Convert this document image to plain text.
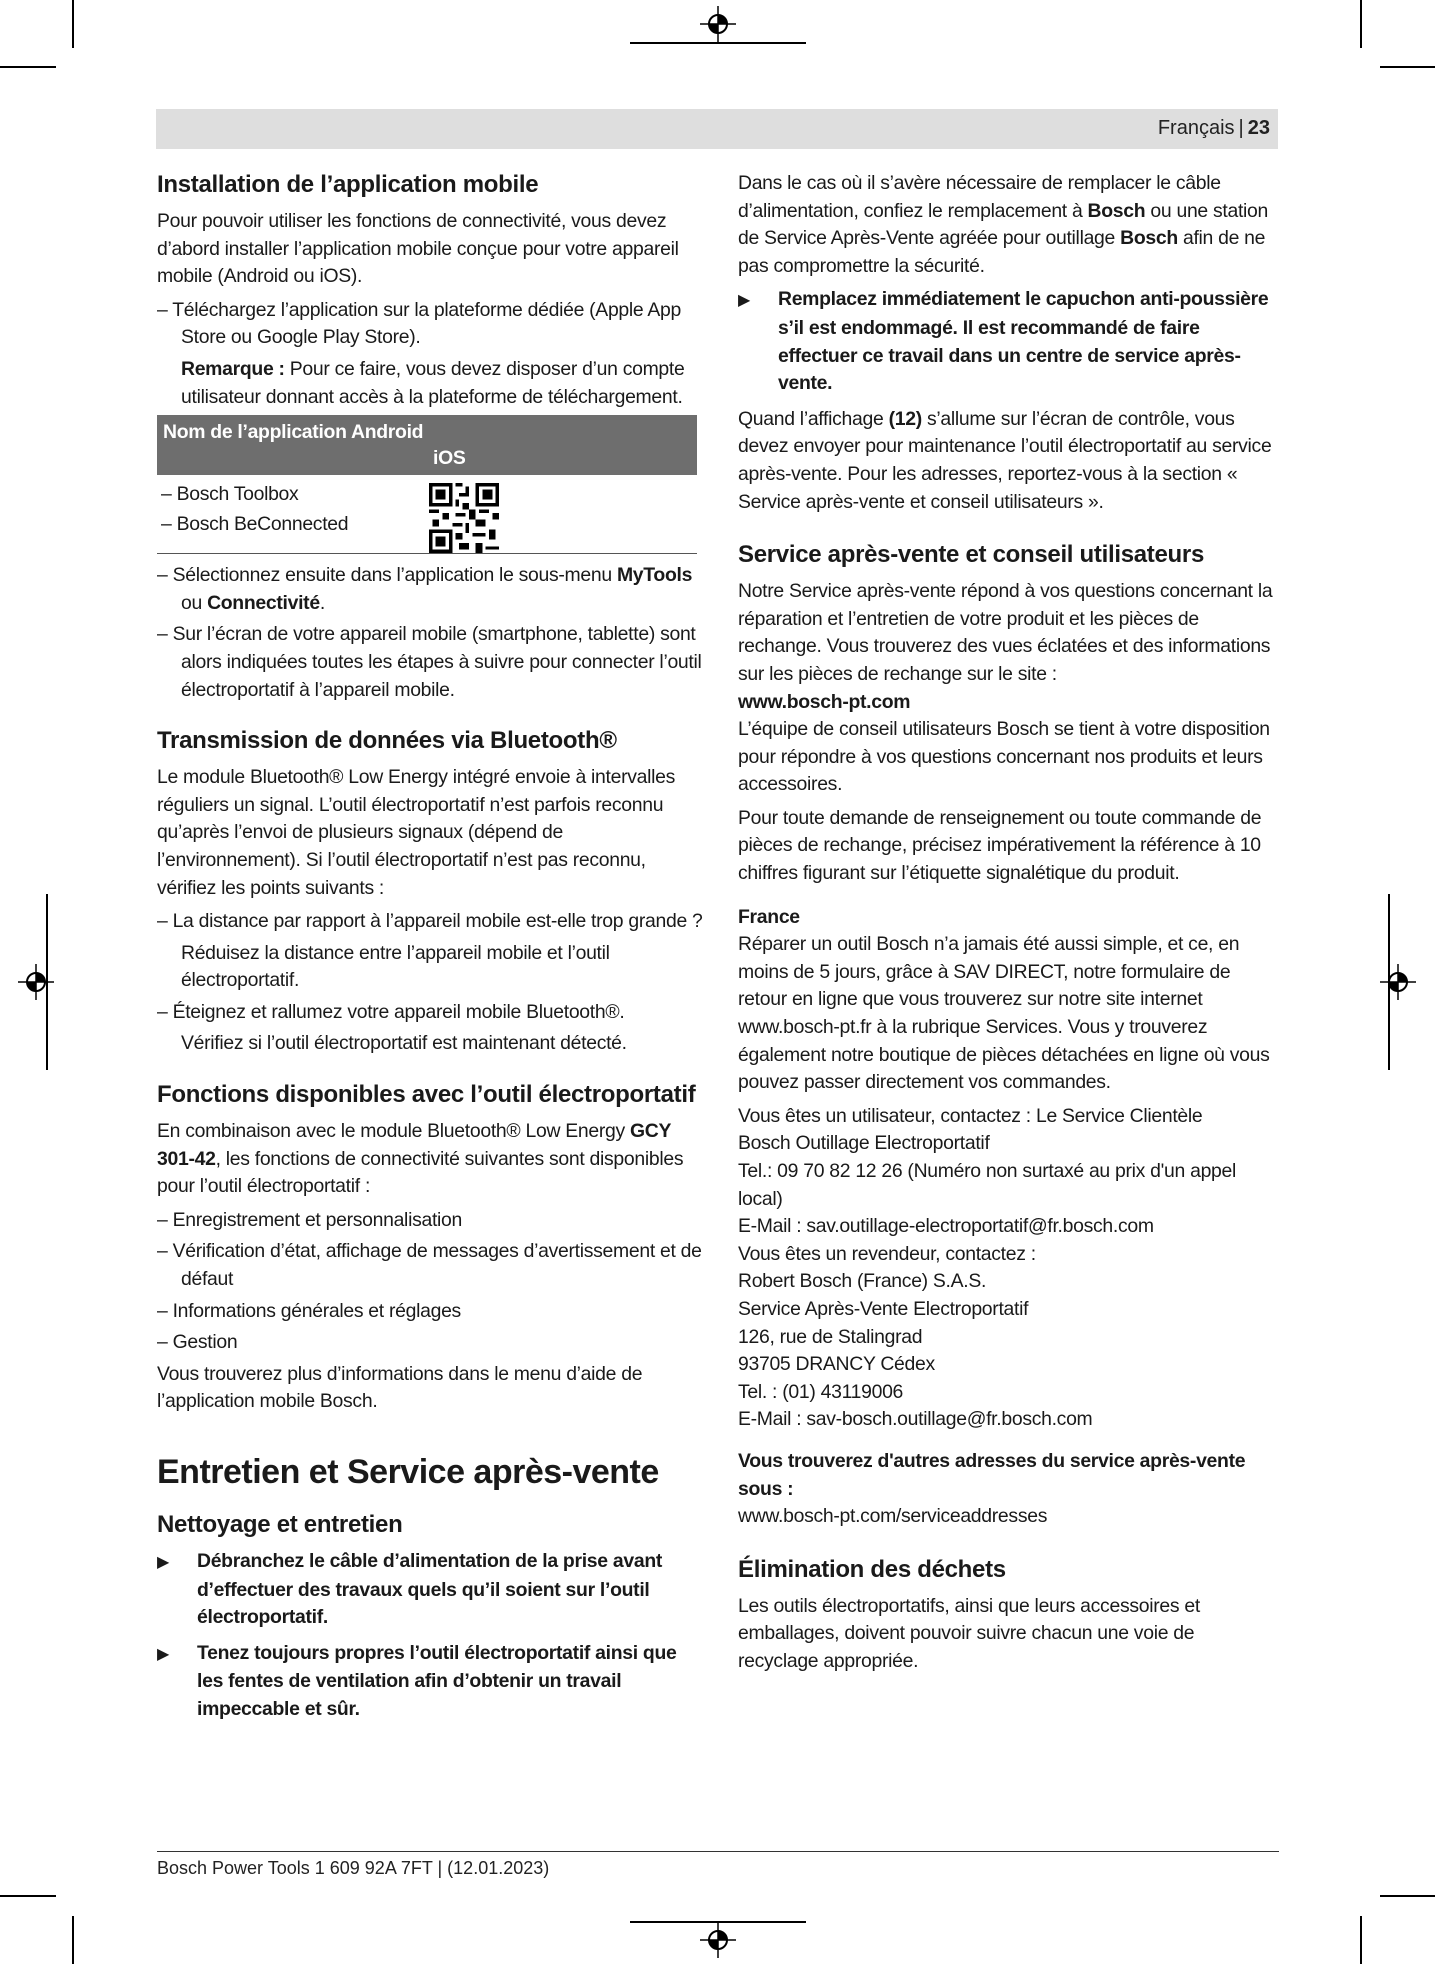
Français | 23
Installation de l’application mobile

Pour pouvoir utiliser les fonctions de connectivité, vous devez d’abord installer l’application mobile conçue pour votre appareil mobile (Android ou iOS).

– Téléchargez l’application sur la plateforme dédiée (Apple App Store ou Google Play Store).

Remarque : Pour ce faire, vous devez disposer d’un compte utilisateur donnant accès à la plateforme de téléchargement.

Nom de l’application Android
iOS
– Bosch Toolbox
– Bosch BeConnected

– Sélectionnez ensuite dans l’application le sous-menu MyTools ou Connectivité.

– Sur l’écran de votre appareil mobile (smartphone, tablette) sont alors indiquées toutes les étapes à suivre pour connecter l’outil électroportatif à l’appareil mobile.

Transmission de données via Bluetooth®

Le module Bluetooth® Low Energy intégré envoie à intervalles réguliers un signal. L’outil électroportatif n’est parfois reconnu qu’après l’envoi de plusieurs signaux (dépend de l’environnement). Si l’outil électroportatif n’est pas reconnu, vérifiez les points suivants :

– La distance par rapport à l’appareil mobile est-elle trop grande ?

Réduisez la distance entre l’appareil mobile et l’outil électroportatif.

– Éteignez et rallumez votre appareil mobile Bluetooth®.

Vérifiez si l’outil électroportatif est maintenant détecté.

Fonctions disponibles avec l’outil électroportatif

En combinaison avec le module Bluetooth® Low Energy GCY 301-42, les fonctions de connectivité suivantes sont disponibles pour l’outil électroportatif :

– Enregistrement et personnalisation

– Vérification d’état, affichage de messages d’avertissement et de défaut

– Informations générales et réglages

– Gestion

Vous trouverez plus d’informations dans le menu d’aide de l’application mobile Bosch.

Entretien et Service après-vente
Nettoyage et entretien

▶ Débranchez le câble d’alimentation de la prise avant d’effectuer des travaux quels qu’il soient sur l’outil électroportatif.

▶ Tenez toujours propres l’outil électroportatif ainsi que les fentes de ventilation afin d’obtenir un travail impeccable et sûr.

Dans le cas où il s’avère nécessaire de remplacer le câble d’alimentation, confiez le remplacement à Bosch ou une station de Service Après-Vente agréée pour outillage Bosch afin de ne pas compromettre la sécurité.

▶ Remplacez immédiatement le capuchon anti-poussière s’il est endommagé. Il est recommandé de faire effectuer ce travail dans un centre de service après-vente.

Quand l’affichage (12) s’allume sur l’écran de contrôle, vous devez envoyer pour maintenance l’outil électroportatif au service après-vente. Pour les adresses, reportez-vous à la section « Service après-vente et conseil utilisateurs ».

Service après-vente et conseil utilisateurs

Notre Service après-vente répond à vos questions concernant la réparation et l’entretien de votre produit et les pièces de rechange. Vous trouverez des vues éclatées et des informations sur les pièces de rechange sur le site :

www.bosch-pt.com

L’équipe de conseil utilisateurs Bosch se tient à votre disposition pour répondre à vos questions concernant nos produits et leurs accessoires.

Pour toute demande de renseignement ou toute commande de pièces de rechange, précisez impérativement la référence à 10 chiffres figurant sur l’étiquette signalétique du produit.

France

Réparer un outil Bosch n’a jamais été aussi simple, et ce, en moins de 5 jours, grâce à SAV DIRECT, notre formulaire de retour en ligne que vous trouverez sur notre site internet www.bosch-pt.fr à la rubrique Services. Vous y trouverez également notre boutique de pièces détachées en ligne où vous pouvez passer directement vos commandes.

Vous êtes un utilisateur, contactez : Le Service Clientèle
Bosch Outillage Electroportatif
Tel.: 09 70 82 12 26 (Numéro non surtaxé au prix d'un appel local)
E-Mail : sav.outillage-electroportatif@fr.bosch.com
Vous êtes un revendeur, contactez :
Robert Bosch (France) S.A.S.
Service Après-Vente Electroportatif
126, rue de Stalingrad
93705 DRANCY Cédex
Tel. : (01) 43119006
E-Mail : sav-bosch.outillage@fr.bosch.com
Vous trouverez d'autres adresses du service après-vente sous :

www.bosch-pt.com/serviceaddresses

Élimination des déchets

Les outils électroportatifs, ainsi que leurs accessoires et emballages, doivent pouvoir suivre chacun une voie de recyclage appropriée.

Bosch Power Tools 1 609 92A 7FT | (12.01.2023)
